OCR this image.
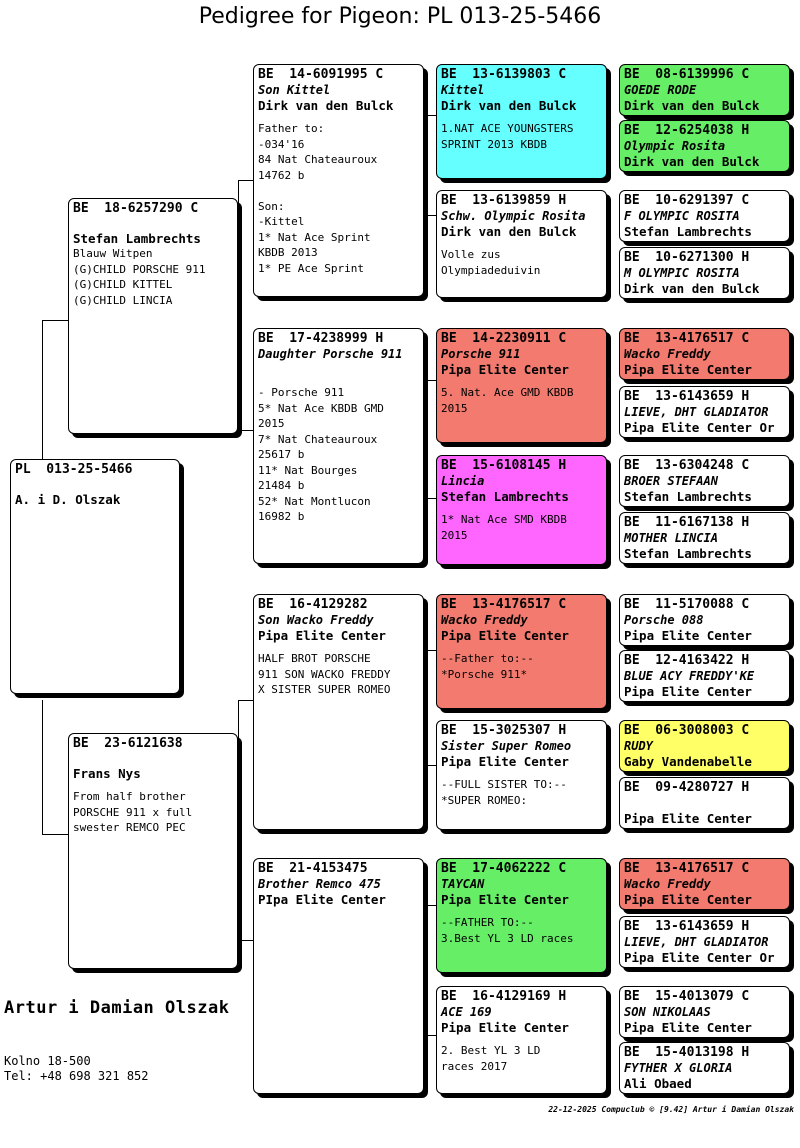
Pedigree for Pigeon: PL 013-25-5466
PL  013-25-5466
A. i D. Olszak
BE  18-6257290 C
Stefan Lambrechts
Blauw Witpen
(G)CHILD PORSCHE 911
(G)CHILD KITTEL
(G)CHILD LINCIA
BE  23-6121638
Frans Nys
From half brother
PORSCHE 911 x full
swester REMCO PEC
BE  14-6091995 C
Son Kittel
Dirk van den Bulck
Father to:
-034'16
84 Nat Chateauroux
14762 b

Son:
-Kittel
1* Nat Ace Sprint
KBDB 2013
1* PE Ace Sprint
BE  17-4238999 H
Daughter Porsche 911
- Porsche 911
5* Nat Ace KBDB GMD
2015
7* Nat Chateauroux
25617 b
11* Nat Bourges
21484 b
52* Nat Montlucon
16982 b
BE  16-4129282
Son Wacko Freddy
Pipa Elite Center
HALF BROT PORSCHE
911 SON WACKO FREDDY
X SISTER SUPER ROMEO
BE  21-4153475
Brother Remco 475
PIpa Elite Center
BE  13-6139803 C
Kittel
Dirk van den Bulck
1.NAT ACE YOUNGSTERS
SPRINT 2013 KBDB
BE  13-6139859 H
Schw. Olympic Rosita
Dirk van den Bulck
Volle zus
Olympiadeduivin
BE  14-2230911 C
Porsche 911
Pipa Elite Center
5. Nat. Ace GMD KBDB
2015
BE  15-6108145 H
Lincia
Stefan Lambrechts
1* Nat Ace SMD KBDB
2015
BE  13-4176517 C
Wacko Freddy
Pipa Elite Center
--Father to:--
*Porsche 911*
BE  15-3025307 H
Sister Super Romeo
Pipa Elite Center
--FULL SISTER TO:--
*SUPER ROMEO:
BE  17-4062222 C
TAYCAN
Pipa Elite Center
--FATHER TO:--
3.Best YL 3 LD races
BE  16-4129169 H
ACE 169
Pipa Elite Center
2. Best YL 3 LD
races 2017
BE  08-6139996 C
GOEDE RODE
Dirk van den Bulck
BE  12-6254038 H
Olympic Rosita
Dirk van den Bulck
BE  10-6291397 C
F OLYMPIC ROSITA
Stefan Lambrechts
BE  10-6271300 H
M OLYMPIC ROSITA
Dirk van den Bulck
BE  13-4176517 C
Wacko Freddy
Pipa Elite Center
BE  13-6143659 H
LIEVE, DHT GLADIATOR
Pipa Elite Center Or
BE  13-6304248 C
BROER STEFAAN
Stefan Lambrechts
BE  11-6167138 H
MOTHER LINCIA
Stefan Lambrechts
BE  11-5170088 C
Porsche 088
Pipa Elite Center
BE  12-4163422 H
BLUE ACY FREDDY'KE
Pipa Elite Center
BE  06-3008003 C
RUDY
Gaby Vandenabelle
BE  09-4280727 H
Pipa Elite Center
BE  13-4176517 C
Wacko Freddy
Pipa Elite Center
BE  13-6143659 H
LIEVE, DHT GLADIATOR
Pipa Elite Center Or
BE  15-4013079 C
SON NIKOLAAS
Pipa Elite Center
BE  15-4013198 H
FYTHER X GLORIA
Ali Obaed
Artur i Damian Olszak
Kolno 18-500
Tel: +48 698 321 852
22-12-2025 Compuclub © [9.42] Artur i Damian Olszak
